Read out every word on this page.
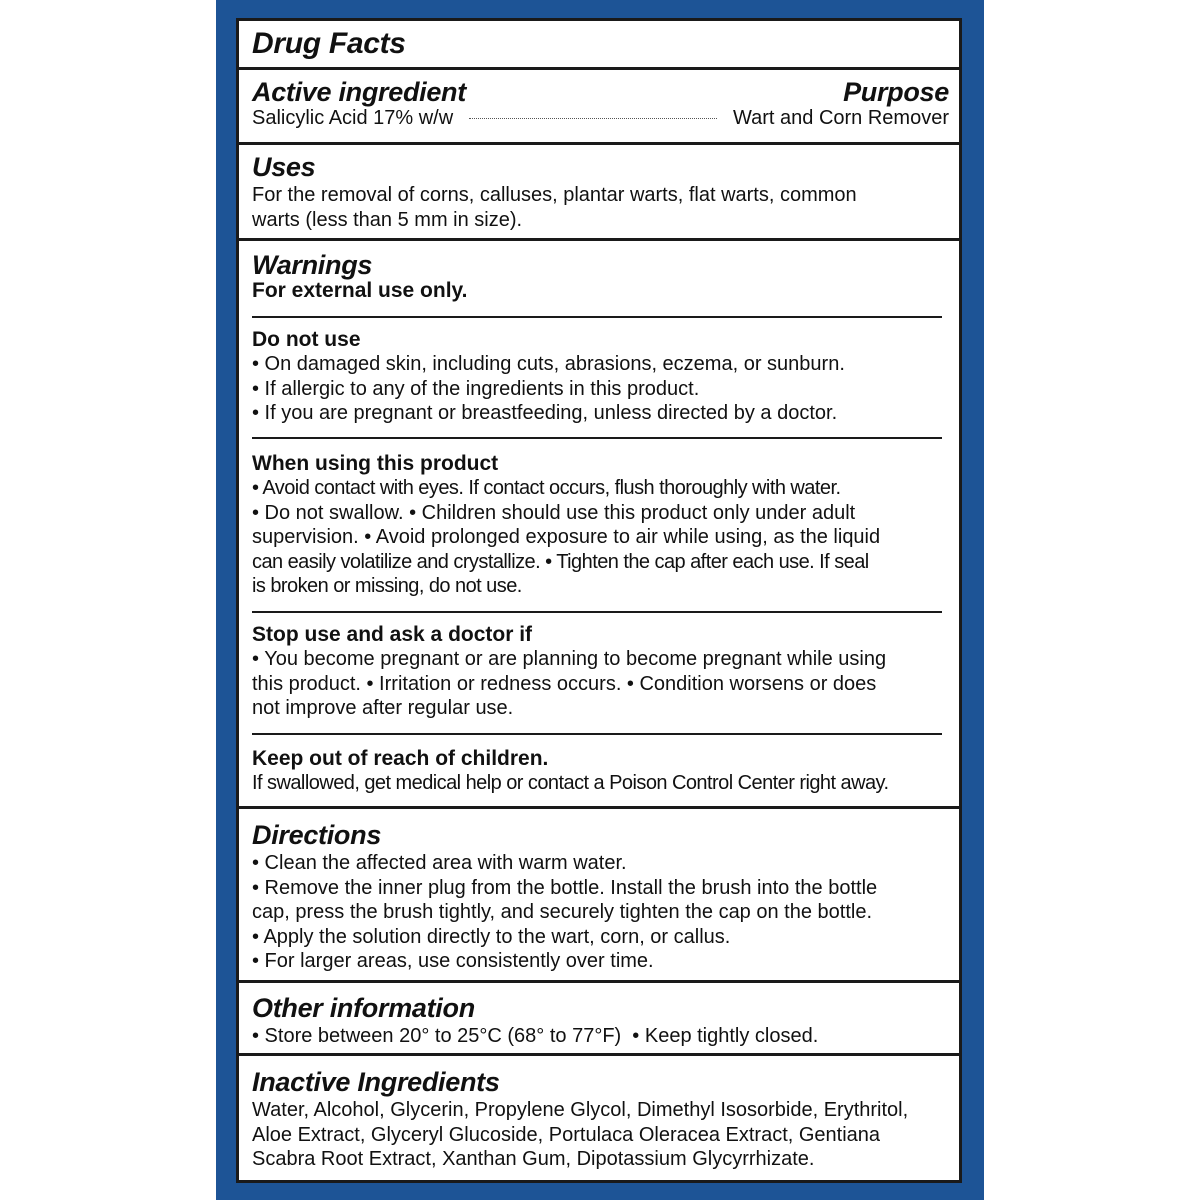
Drug Facts
Active ingredient	Purpose
Salicylic Acid 17% w/w	Wart and Corn Remover
Uses
For the removal of corns, calluses, plantar warts, flat warts, common
warts (less than 5 mm in size).
Warnings
For external use only.
Do not use
• On damaged skin, including cuts, abrasions, eczema, or sunburn.
• If allergic to any of the ingredients in this product.
• If you are pregnant or breastfeeding, unless directed by a doctor.
When using this product
• Avoid contact with eyes. If contact occurs, flush thoroughly with water.
• Do not swallow. • Children should use this product only under adult
supervision. • Avoid prolonged exposure to air while using, as the liquid
can easily volatilize and crystallize. • Tighten the cap after each use. If seal
is broken or missing, do not use.
Stop use and ask a doctor if
• You become pregnant or are planning to become pregnant while using
this product. • Irritation or redness occurs. • Condition worsens or does
not improve after regular use.
Keep out of reach of children.
If swallowed, get medical help or contact a Poison Control Center right away.
Directions
• Clean the affected area with warm water.
• Remove the inner plug from the bottle. Install the brush into the bottle
cap, press the brush tightly, and securely tighten the cap on the bottle.
• Apply the solution directly to the wart, corn, or callus.
• For larger areas, use consistently over time.
Other information
• Store between 20° to 25°C (68° to 77°F)  • Keep tightly closed.
Inactive Ingredients
Water, Alcohol, Glycerin, Propylene Glycol, Dimethyl Isosorbide, Erythritol,
Aloe Extract, Glyceryl Glucoside, Portulaca Oleracea Extract, Gentiana
Scabra Root Extract, Xanthan Gum, Dipotassium Glycyrrhizate.
